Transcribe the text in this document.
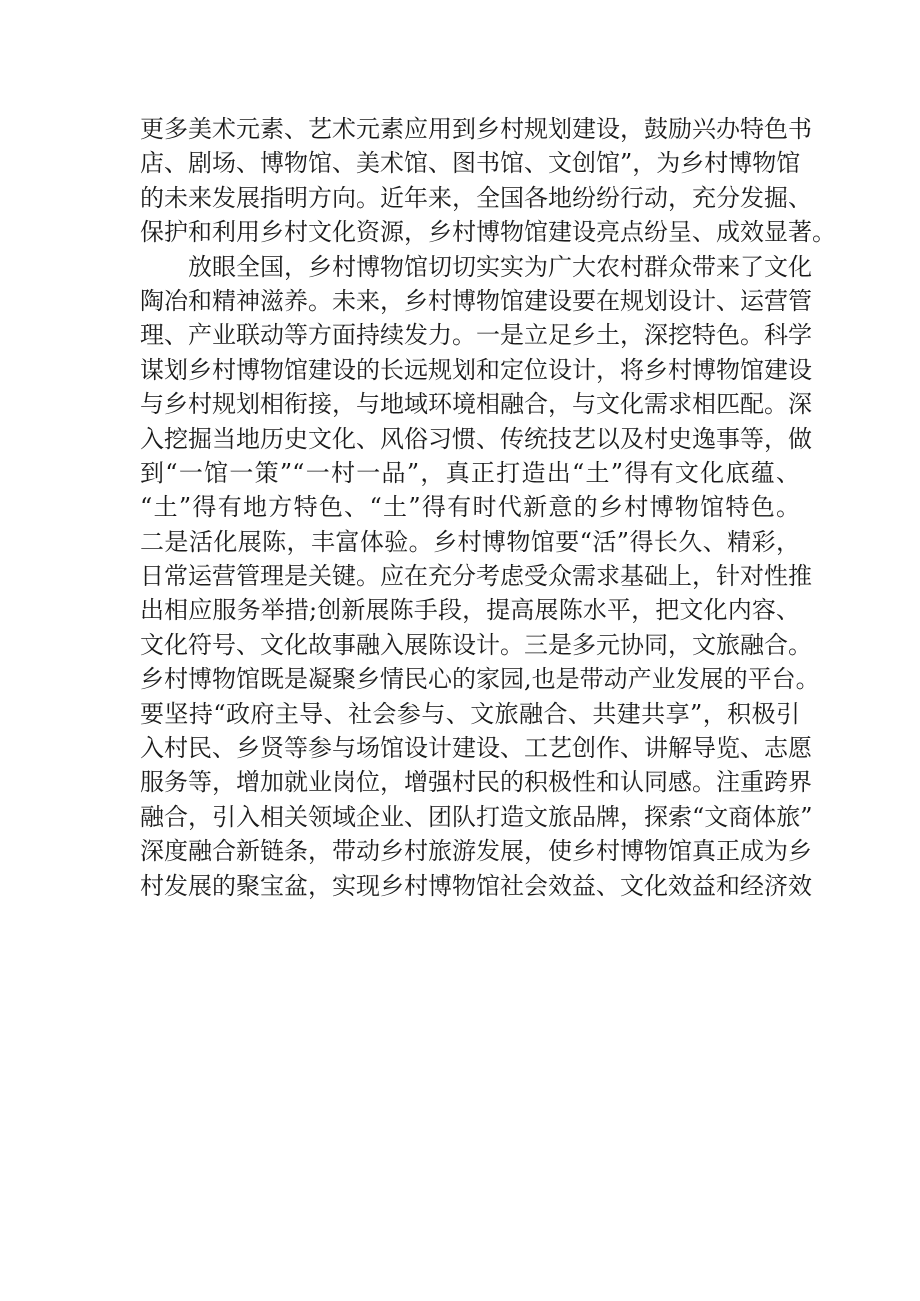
更多美术元素、艺术元素应用到乡村规划建设，鼓励兴办特色书
店、剧场、博物馆、美术馆、图书馆、文创馆”，为乡村博物馆
的未来发展指明方向。近年来，全国各地纷纷行动，充分发掘、
保护和利用乡村文化资源，乡村博物馆建设亮点纷呈、成效显著。
放眼全国，乡村博物馆切切实实为广大农村群众带来了文化
陶冶和精神滋养。未来，乡村博物馆建设要在规划设计、运营管
理、产业联动等方面持续发力。一是立足乡土，深挖特色。科学
谋划乡村博物馆建设的长远规划和定位设计，将乡村博物馆建设
与乡村规划相衔接，与地域环境相融合，与文化需求相匹配。深
入挖掘当地历史文化、风俗习惯、传统技艺以及村史逸事等，做
到“一馆一策”“一村一品”，真正打造出“土”得有文化底蕴、
“土”得有地方特色、“土”得有时代新意的乡村博物馆特色。
二是活化展陈，丰富体验。乡村博物馆要“活”得长久、精彩，
日常运营管理是关键。应在充分考虑受众需求基础上，针对性推
出相应服务举措;创新展陈手段，提高展陈水平，把文化内容、
文化符号、文化故事融入展陈设计。三是多元协同，文旅融合。
乡村博物馆既是凝聚乡情民心的家园,也是带动产业发展的平台。
要坚持“政府主导、社会参与、文旅融合、共建共享”，积极引
入村民、乡贤等参与场馆设计建设、工艺创作、讲解导览、志愿
服务等，增加就业岗位，增强村民的积极性和认同感。注重跨界
融合，引入相关领域企业、团队打造文旅品牌，探索“文商体旅”
深度融合新链条，带动乡村旅游发展，使乡村博物馆真正成为乡
村发展的聚宝盆，实现乡村博物馆社会效益、文化效益和经济效
